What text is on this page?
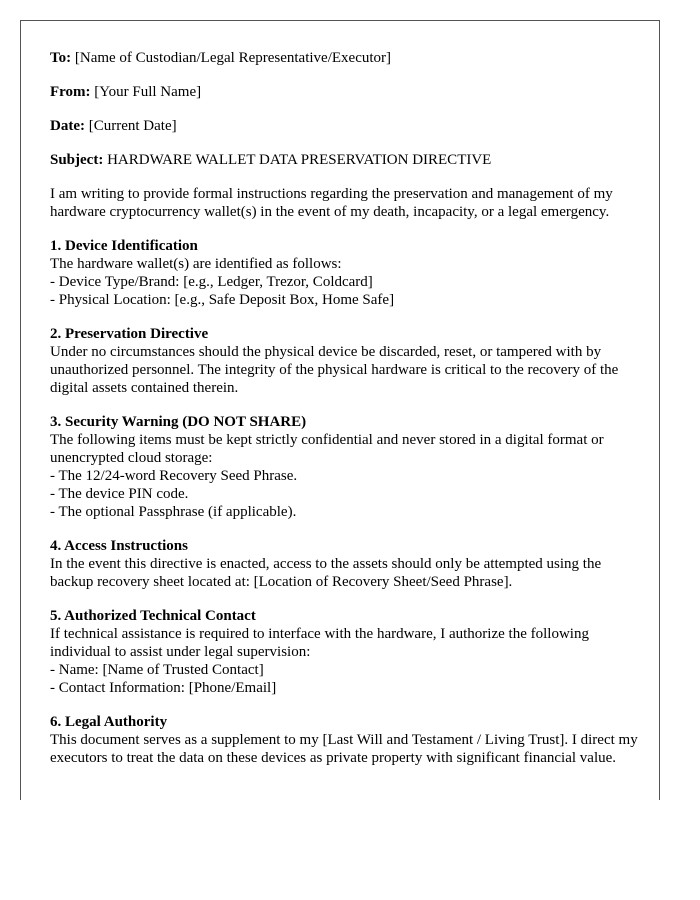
To: [Name of Custodian/Legal Representative/Executor]

From: [Your Full Name]

Date: [Current Date]

Subject: HARDWARE WALLET DATA PRESERVATION DIRECTIVE

I am writing to provide formal instructions regarding the preservation and management of my hardware cryptocurrency wallet(s) in the event of my death, incapacity, or a legal emergency.

1. Device Identification
The hardware wallet(s) are identified as follows:
- Device Type/Brand: [e.g., Ledger, Trezor, Coldcard]
- Physical Location: [e.g., Safe Deposit Box, Home Safe]
2. Preservation Directive
Under no circumstances should the physical device be discarded, reset, or tampered with by unauthorized personnel. The integrity of the physical hardware is critical to the recovery of the digital assets contained therein.
3. Security Warning (DO NOT SHARE)
The following items must be kept strictly confidential and never stored in a digital format or unencrypted cloud storage:
- The 12/24-word Recovery Seed Phrase.
- The device PIN code.
- The optional Passphrase (if applicable).
4. Access Instructions
In the event this directive is enacted, access to the assets should only be attempted using the backup recovery sheet located at: [Location of Recovery Sheet/Seed Phrase].
5. Authorized Technical Contact
If technical assistance is required to interface with the hardware, I authorize the following individual to assist under legal supervision:
- Name: [Name of Trusted Contact]
- Contact Information: [Phone/Email]
6. Legal Authority
This document serves as a supplement to my [Last Will and Testament / Living Trust]. I direct my executors to treat the data on these devices as private property with significant financial value.
